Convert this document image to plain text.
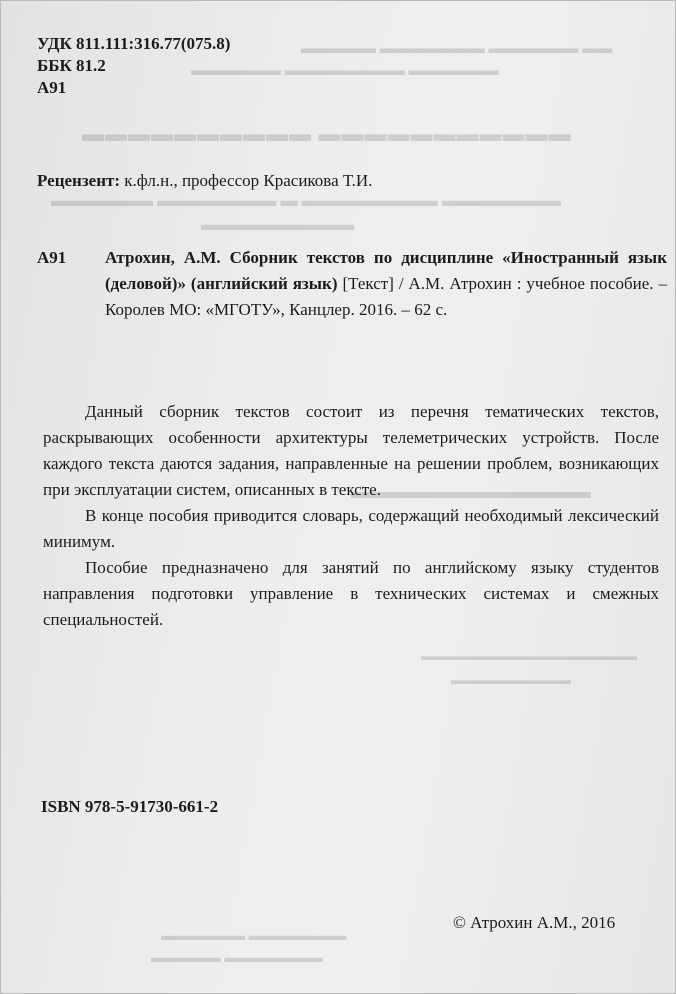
▬▬ ▬▬▬▬▬▬ ▬▬▬▬▬▬▬ ▬▬▬▬▬
▬▬▬▬▬▬ ▬▬▬▬▬▬▬▬ ▬▬▬▬▬▬
▬▬▬▬▬▬▬▬▬▬▬ ▬▬▬▬▬▬▬▬▬▬
▬▬▬▬▬▬▬ ▬▬▬▬▬▬▬▬ ▬ ▬▬▬▬▬▬▬ ▬▬▬▬▬▬
▬▬▬▬▬▬▬▬▬
▬▬▬▬▬▬▬▬▬▬▬▬
▬▬▬▬▬▬▬▬▬▬▬▬▬▬▬▬▬▬
▬▬▬▬▬▬▬▬▬▬
▬▬▬▬▬▬▬ ▬▬▬▬▬▬
▬▬▬▬▬▬▬ ▬▬▬▬▬
УДК 811.111:316.77(075.8)
ББК 81.2
А91
Рецензент: к.фл.н., профессор Красикова Т.И.
А91 Атрохин, А.М. Сборник текстов по дисциплине «Иностранный язык (деловой)» (английский язык) [Текст] / А.М. Атрохин : учебное пособие. – Королев МО: «МГОТУ», Канцлер. 2016. – 62 с.

Данный сборник текстов состоит из перечня тематических текстов, раскрывающих особенности архитектуры телеметрических устройств. После каждого текста даются задания, направленные на решении проблем, возникающих при эксплуатации систем, описанных в тексте.

В конце пособия приводится словарь, содержащий необходимый лексический минимум.

Пособие предназначено для занятий по английскому языку студентов направления подготовки управление в технических системах и смежных специальностей.

ISBN 978-5-91730-661-2
© Атрохин А.М., 2016
